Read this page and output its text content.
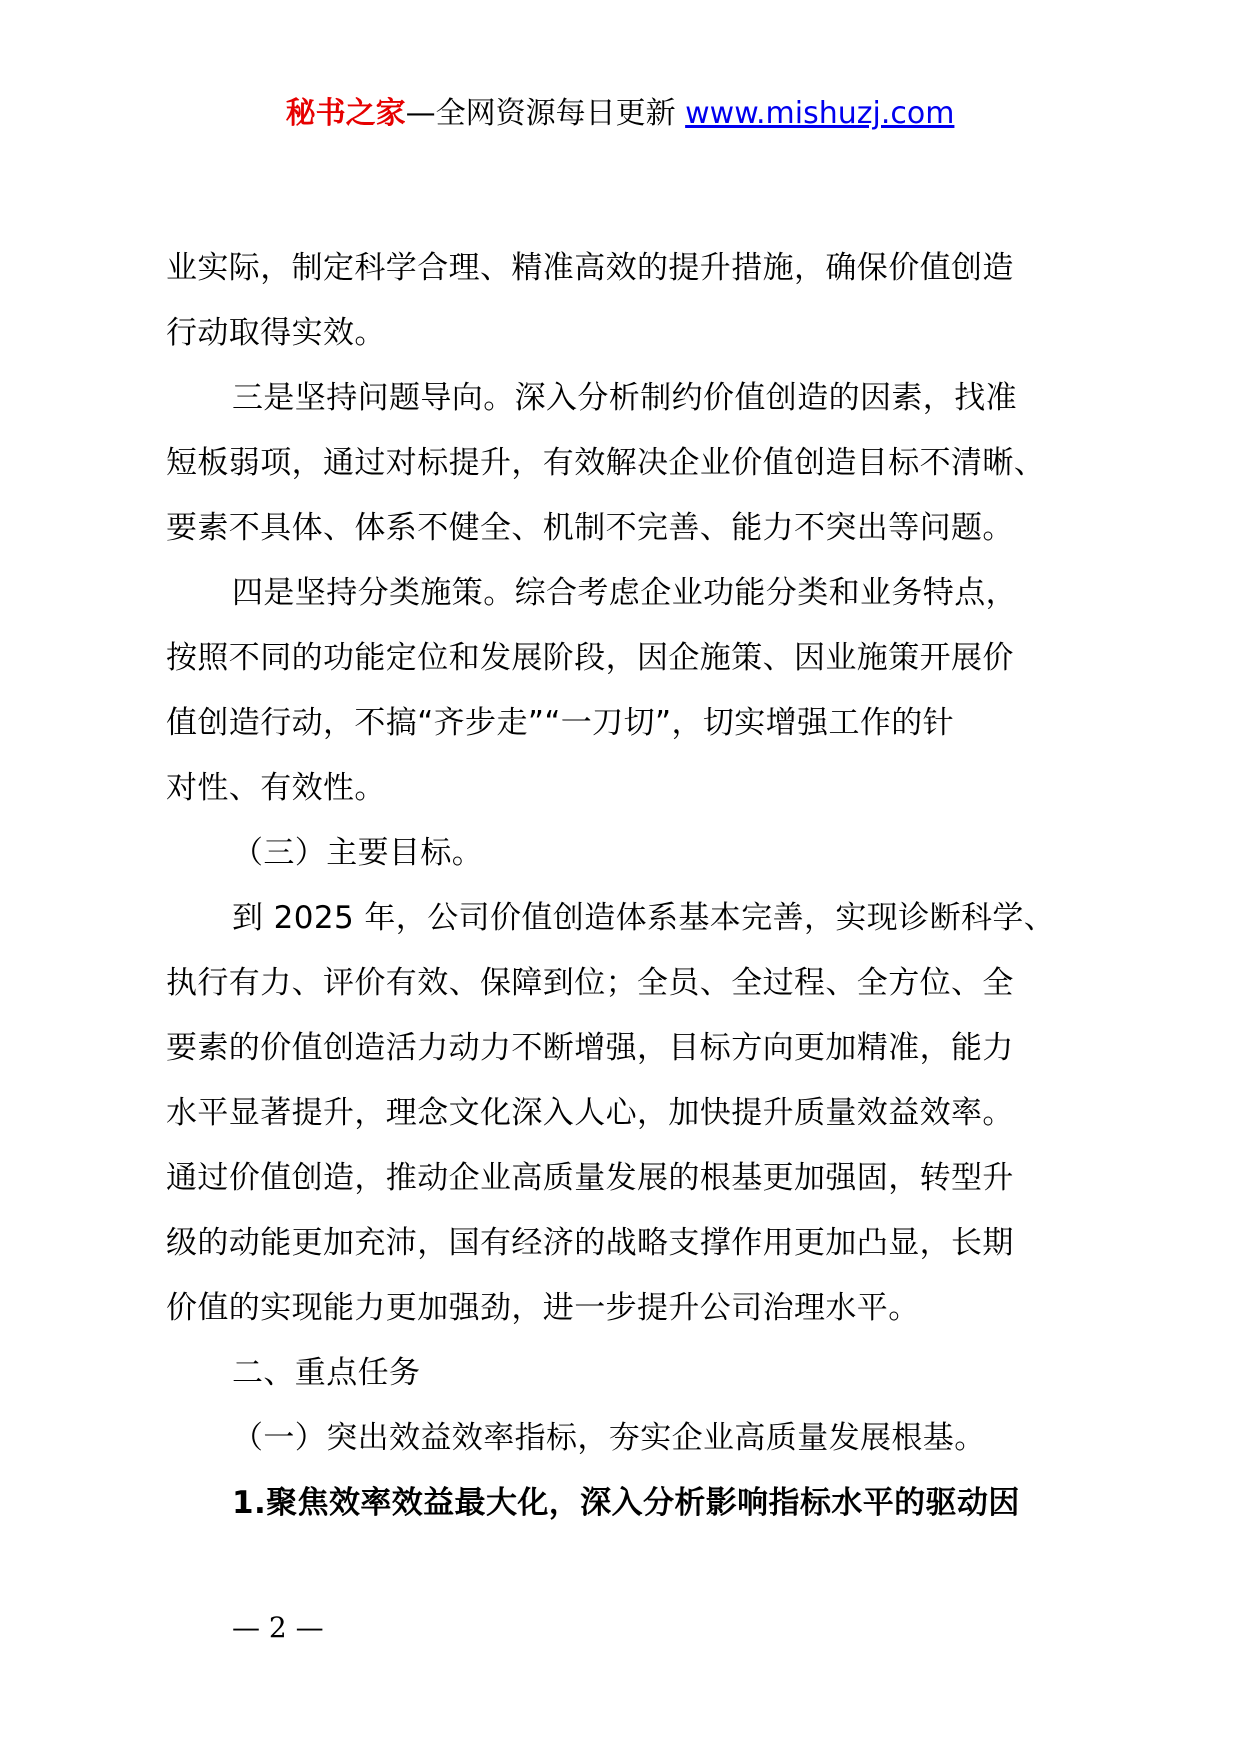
秘书之家—全网资源每日更新 www.mishuzj.com

业实际，制定科学合理、精准高效的提升措施，确保价值创造

行动取得实效。

三是坚持问题导向。深入分析制约价值创造的因素，找准

短板弱项，通过对标提升，有效解决企业价值创造目标不清晰、

要素不具体、体系不健全、机制不完善、能力不突出等问题。

四是坚持分类施策。综合考虑企业功能分类和业务特点，

按照不同的功能定位和发展阶段，因企施策、因业施策开展价

值创造行动，不搞“齐步走”“一刀切”，切实增强工作的针

对性、有效性。

（三）主要目标。

到 2025 年，公司价值创造体系基本完善，实现诊断科学、

执行有力、评价有效、保障到位；全员、全过程、全方位、全

要素的价值创造活力动力不断增强，目标方向更加精准，能力

水平显著提升，理念文化深入人心，加快提升质量效益效率。

通过价值创造，推动企业高质量发展的根基更加强固，转型升

级的动能更加充沛，国有经济的战略支撑作用更加凸显，长期

价值的实现能力更加强劲，进一步提升公司治理水平。

二、重点任务

（一）突出效益效率指标，夯实企业高质量发展根基。

1.聚焦效率效益最大化，深入分析影响指标水平的驱动因

— 2 —
